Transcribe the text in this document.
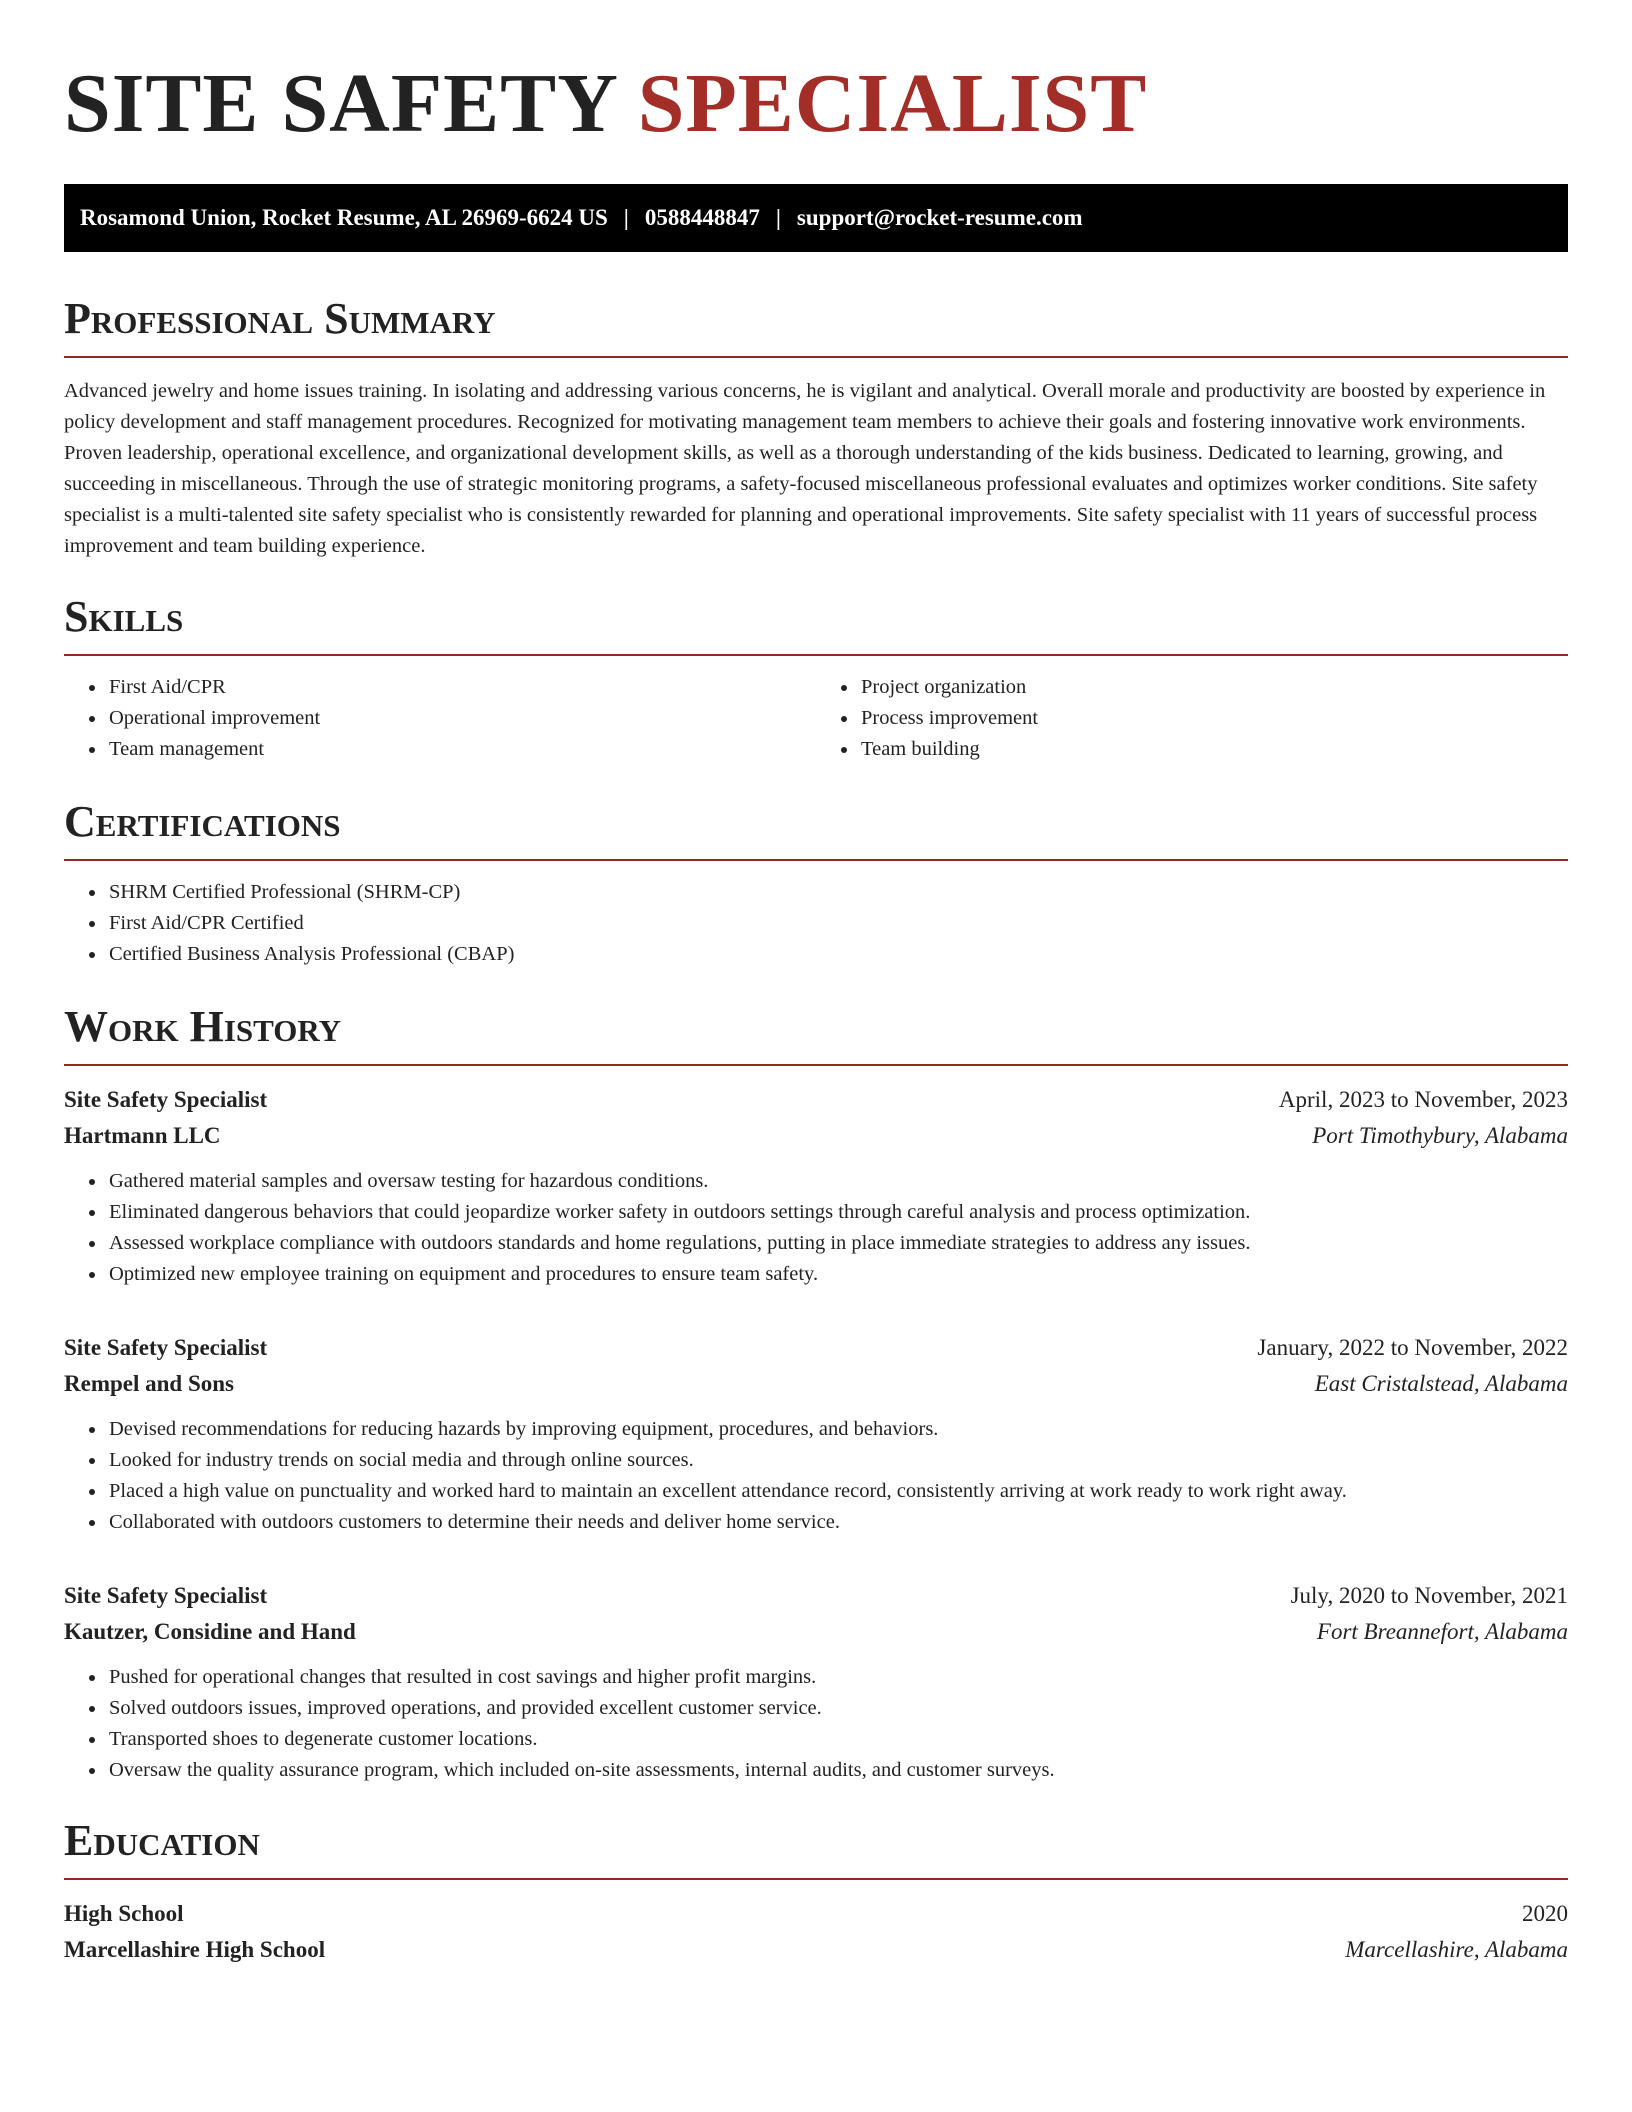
SITE SAFETY SPECIALIST
Rosamond Union, Rocket Resume, AL 26969-6624 US | 0588448847 | support@rocket-resume.com
Professional Summary

Advanced jewelry and home issues training. In isolating and addressing various concerns, he is vigilant and analytical. Overall morale and productivity are boosted by experience in policy development and staff management procedures. Recognized for motivating management team members to achieve their goals and fostering innovative work environments. Proven leadership, operational excellence, and organizational development skills, as well as a thorough understanding of the kids business. Dedicated to learning, growing, and succeeding in miscellaneous. Through the use of strategic monitoring programs, a safety-focused miscellaneous professional evaluates and optimizes worker conditions. Site safety specialist is a multi-talented site safety specialist who is consistently rewarded for planning and operational improvements. Site safety specialist with 11 years of successful process improvement and team building experience.

Skills
• First Aid/CPR
• Operational improvement
• Team management
• Project organization
• Process improvement
• Team building
Certifications
• SHRM Certified Professional (SHRM-CP)
• First Aid/CPR Certified
• Certified Business Analysis Professional (CBAP)
Work History
Site Safety Specialist	April, 2023 to November, 2023
Hartmann LLC	Port Timothybury, Alabama
• Gathered material samples and oversaw testing for hazardous conditions.
• Eliminated dangerous behaviors that could jeopardize worker safety in outdoors settings through careful analysis and process optimization.
• Assessed workplace compliance with outdoors standards and home regulations, putting in place immediate strategies to address any issues.
• Optimized new employee training on equipment and procedures to ensure team safety.
Site Safety Specialist	January, 2022 to November, 2022
Rempel and Sons	East Cristalstead, Alabama
• Devised recommendations for reducing hazards by improving equipment, procedures, and behaviors.
• Looked for industry trends on social media and through online sources.
• Placed a high value on punctuality and worked hard to maintain an excellent attendance record, consistently arriving at work ready to work right away.
• Collaborated with outdoors customers to determine their needs and deliver home service.
Site Safety Specialist	July, 2020 to November, 2021
Kautzer, Considine and Hand	Fort Breannefort, Alabama
• Pushed for operational changes that resulted in cost savings and higher profit margins.
• Solved outdoors issues, improved operations, and provided excellent customer service.
• Transported shoes to degenerate customer locations.
• Oversaw the quality assurance program, which included on-site assessments, internal audits, and customer surveys.
Education
High School	2020
Marcellashire High School	Marcellashire, Alabama
